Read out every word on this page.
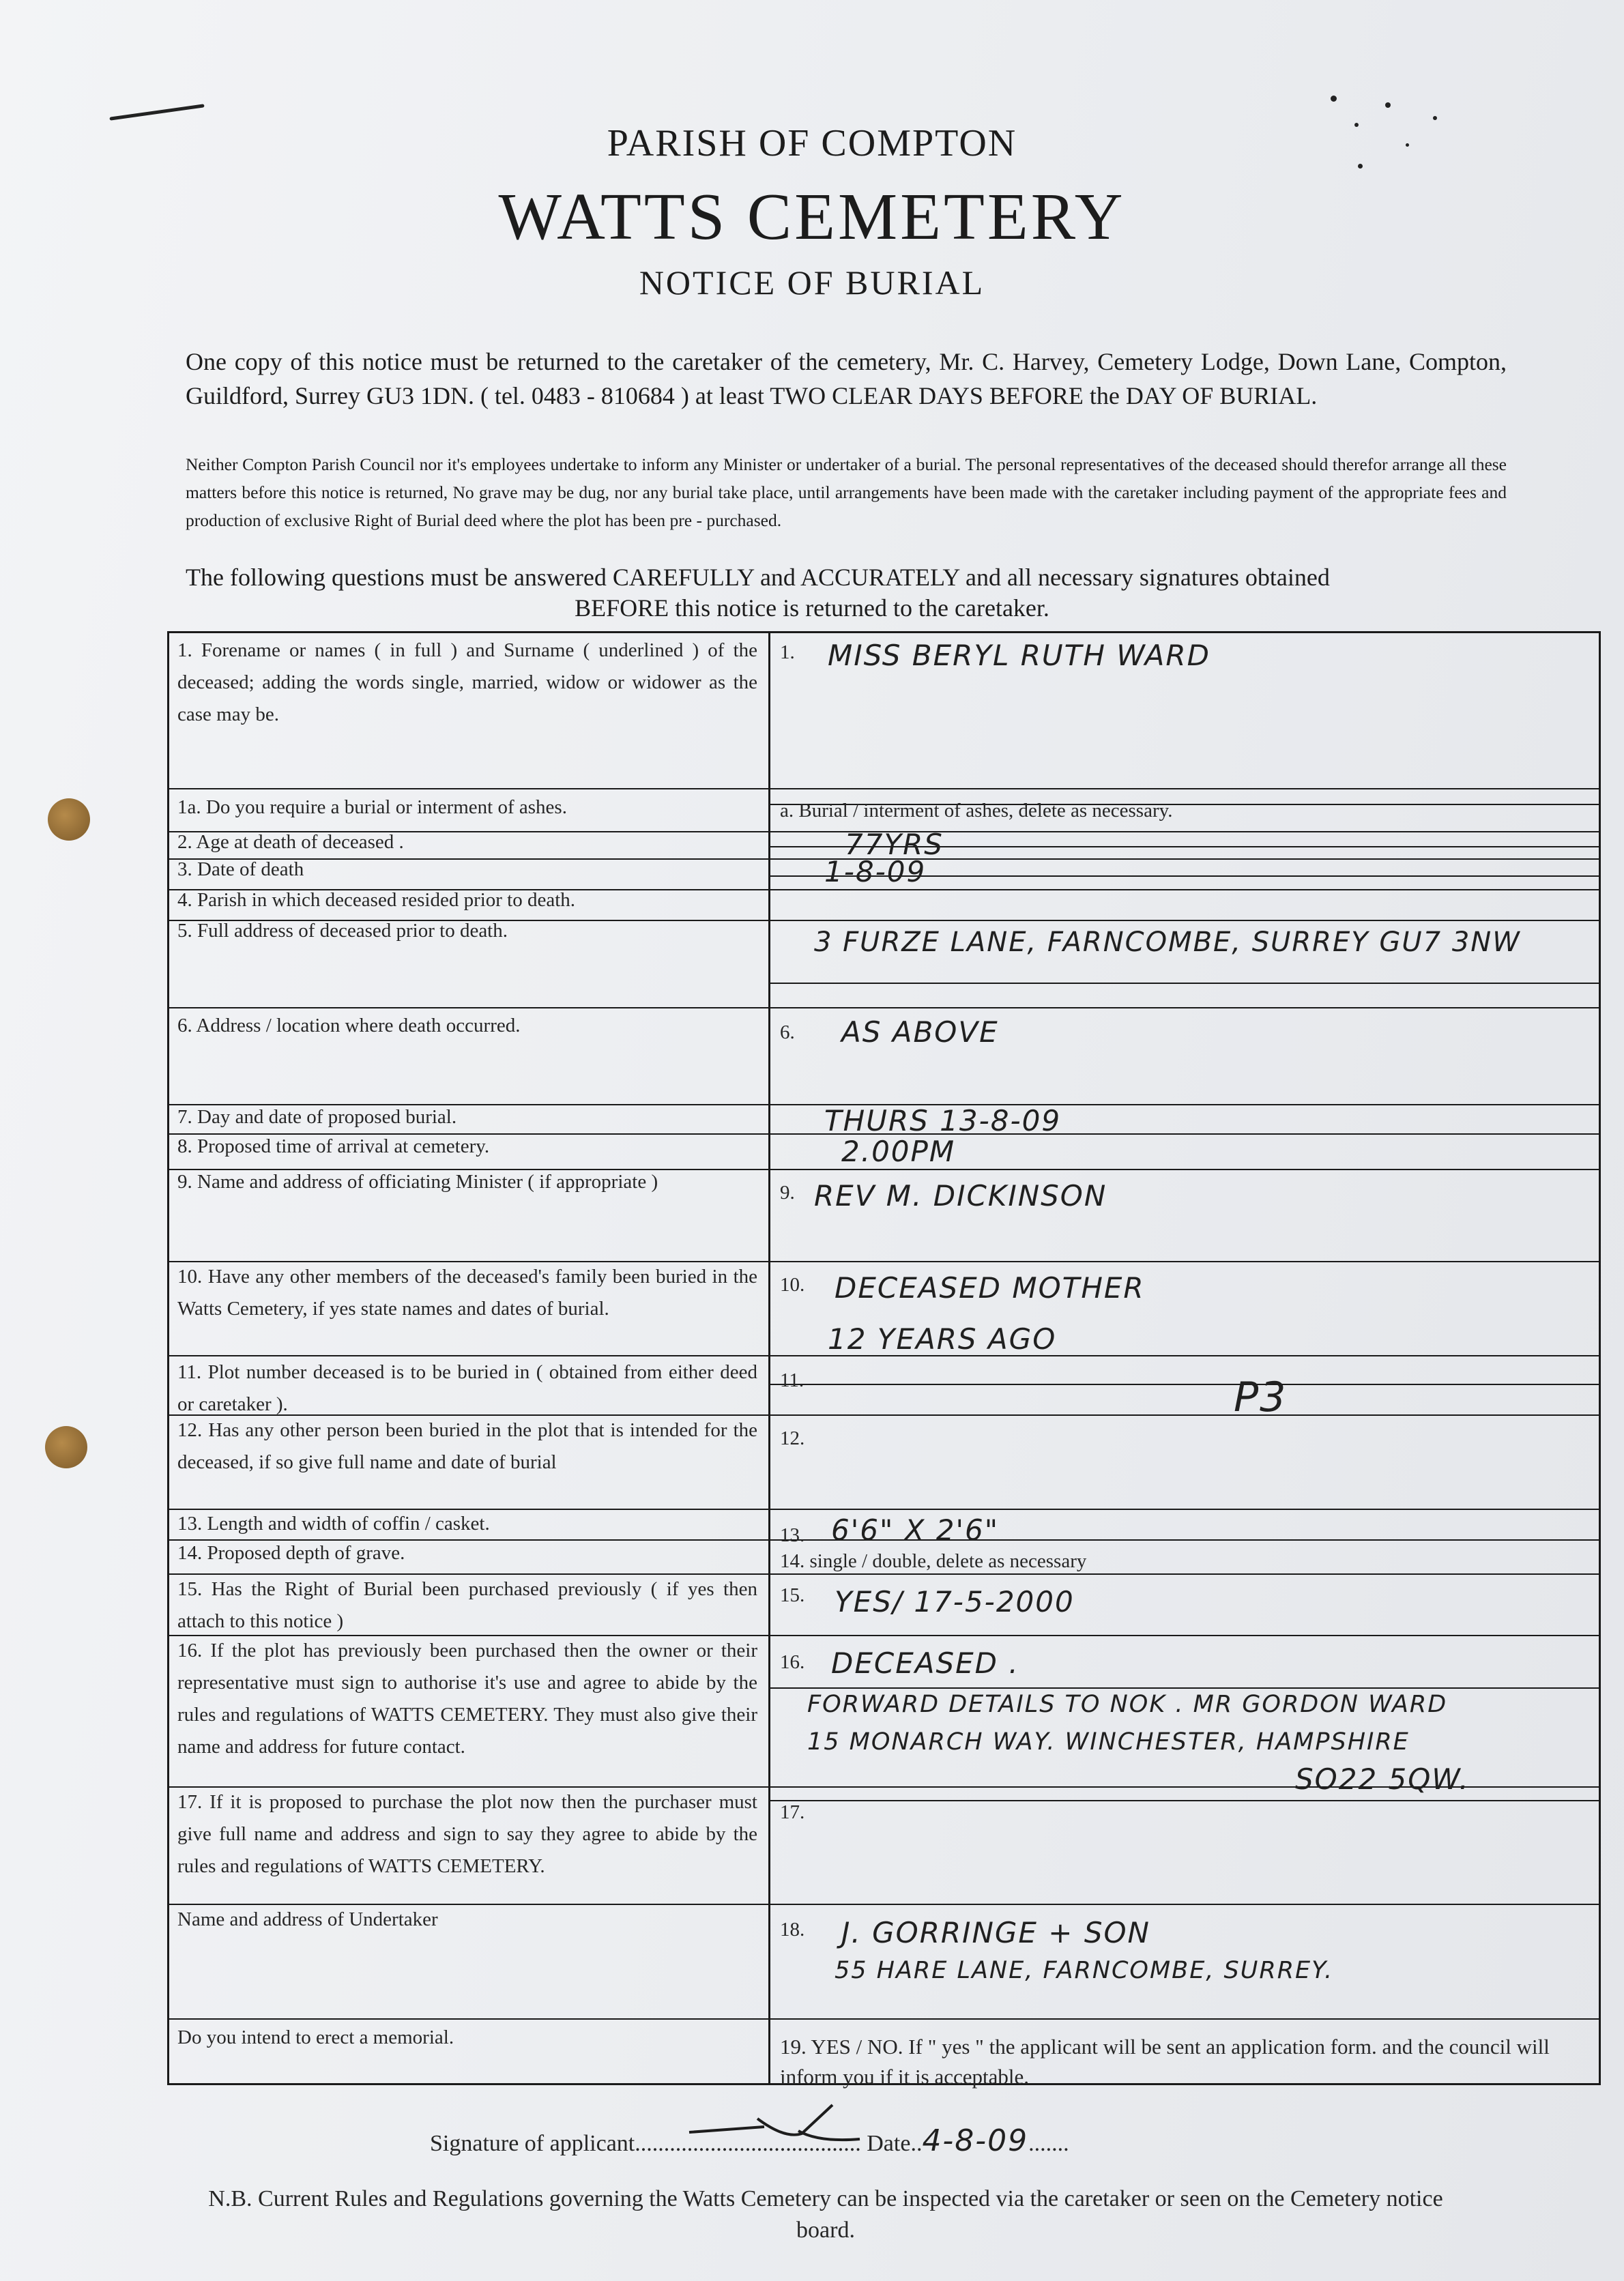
PARISH OF COMPTON
WATTS CEMETERY
NOTICE OF BURIAL
One copy of this notice must be returned to the caretaker of the cemetery, Mr. C. Harvey, Cemetery Lodge, Down Lane, Compton, Guildford, Surrey GU3 1DN. ( tel. 0483 - 810684 ) at least TWO CLEAR DAYS BEFORE the DAY OF BURIAL.
Neither Compton Parish Council nor it's employees undertake to inform any Minister or undertaker of a burial. The personal representatives of the deceased should therefor arrange all these matters before this notice is returned, No grave may be dug, nor any burial take place, until arrangements have been made with the caretaker including payment of the appropriate fees and production of exclusive Right of Burial deed where the plot has been pre - purchased.
The following questions must be answered CAREFULLY and ACCURATELY and all necessary signatures obtained
BEFORE this notice is returned to the caretaker.
1. Forename or names ( in full ) and Surname ( underlined ) of the deceased; adding the words single, married, widow or widower as the case may be.
1a. Do you require a burial or interment of ashes.
2. Age at death of deceased .
3. Date of death
4. Parish in which deceased resided prior to death.
5. Full address of deceased prior to death.
6. Address / location where death occurred.
7. Day and date of proposed burial.
8. Proposed time of arrival at cemetery.
9. Name and address of officiating Minister ( if appropriate )
10. Have any other members of the deceased's family been buried in the Watts Cemetery, if yes state names and dates of burial.
11. Plot number deceased is to be buried in ( obtained from either deed or caretaker ).
12. Has any other person been buried in the plot that is intended for the deceased, if so give full name and date of burial
13. Length and width of coffin / casket.
14. Proposed depth of grave.
15. Has the Right of Burial been purchased previously ( if yes then attach to this notice )
16. If the plot has previously been purchased then the owner or their representative must sign to authorise it's use and agree to abide by the rules and regulations of WATTS CEMETERY. They must also give their name and address for future contact.
17. If it is proposed to purchase the plot now then the purchaser must give full name and address and sign to say they agree to abide by the rules and regulations of WATTS CEMETERY.
Name and address of Undertaker
Do you intend to erect a memorial.
1.
a. Burial / interment of ashes, delete as necessary.
6.
9.
10.
11.
12.
13.
14. single / double, delete as necessary
15.
16.
17.
18.
19. YES / NO. If " yes " the applicant will be sent an application form. and the council will inform you if it is acceptable.
MISS BERYL RUTH WARD
77YRS
1-8-09
3 FURZE LANE, FARNCOMBE, SURREY GU7 3NW
AS ABOVE
THURS 13-8-09
2.00PM
REV M. DICKINSON
DECEASED MOTHER
12 YEARS AGO
P3
6'6" X 2'6"
YES/ 17-5-2000
DECEASED .
FORWARD DETAILS TO NOK . MR GORDON WARD
15 MONARCH WAY. WINCHESTER, HAMPSHIRE
SO22 5QW.
J. GORRINGE + SON
55 HARE LANE, FARNCOMBE, SURREY.
Signature of applicant....................................... Date..4-8-09.......
N.B. Current Rules and Regulations governing the Watts Cemetery can be inspected via the caretaker or seen on the Cemetery notice board.
